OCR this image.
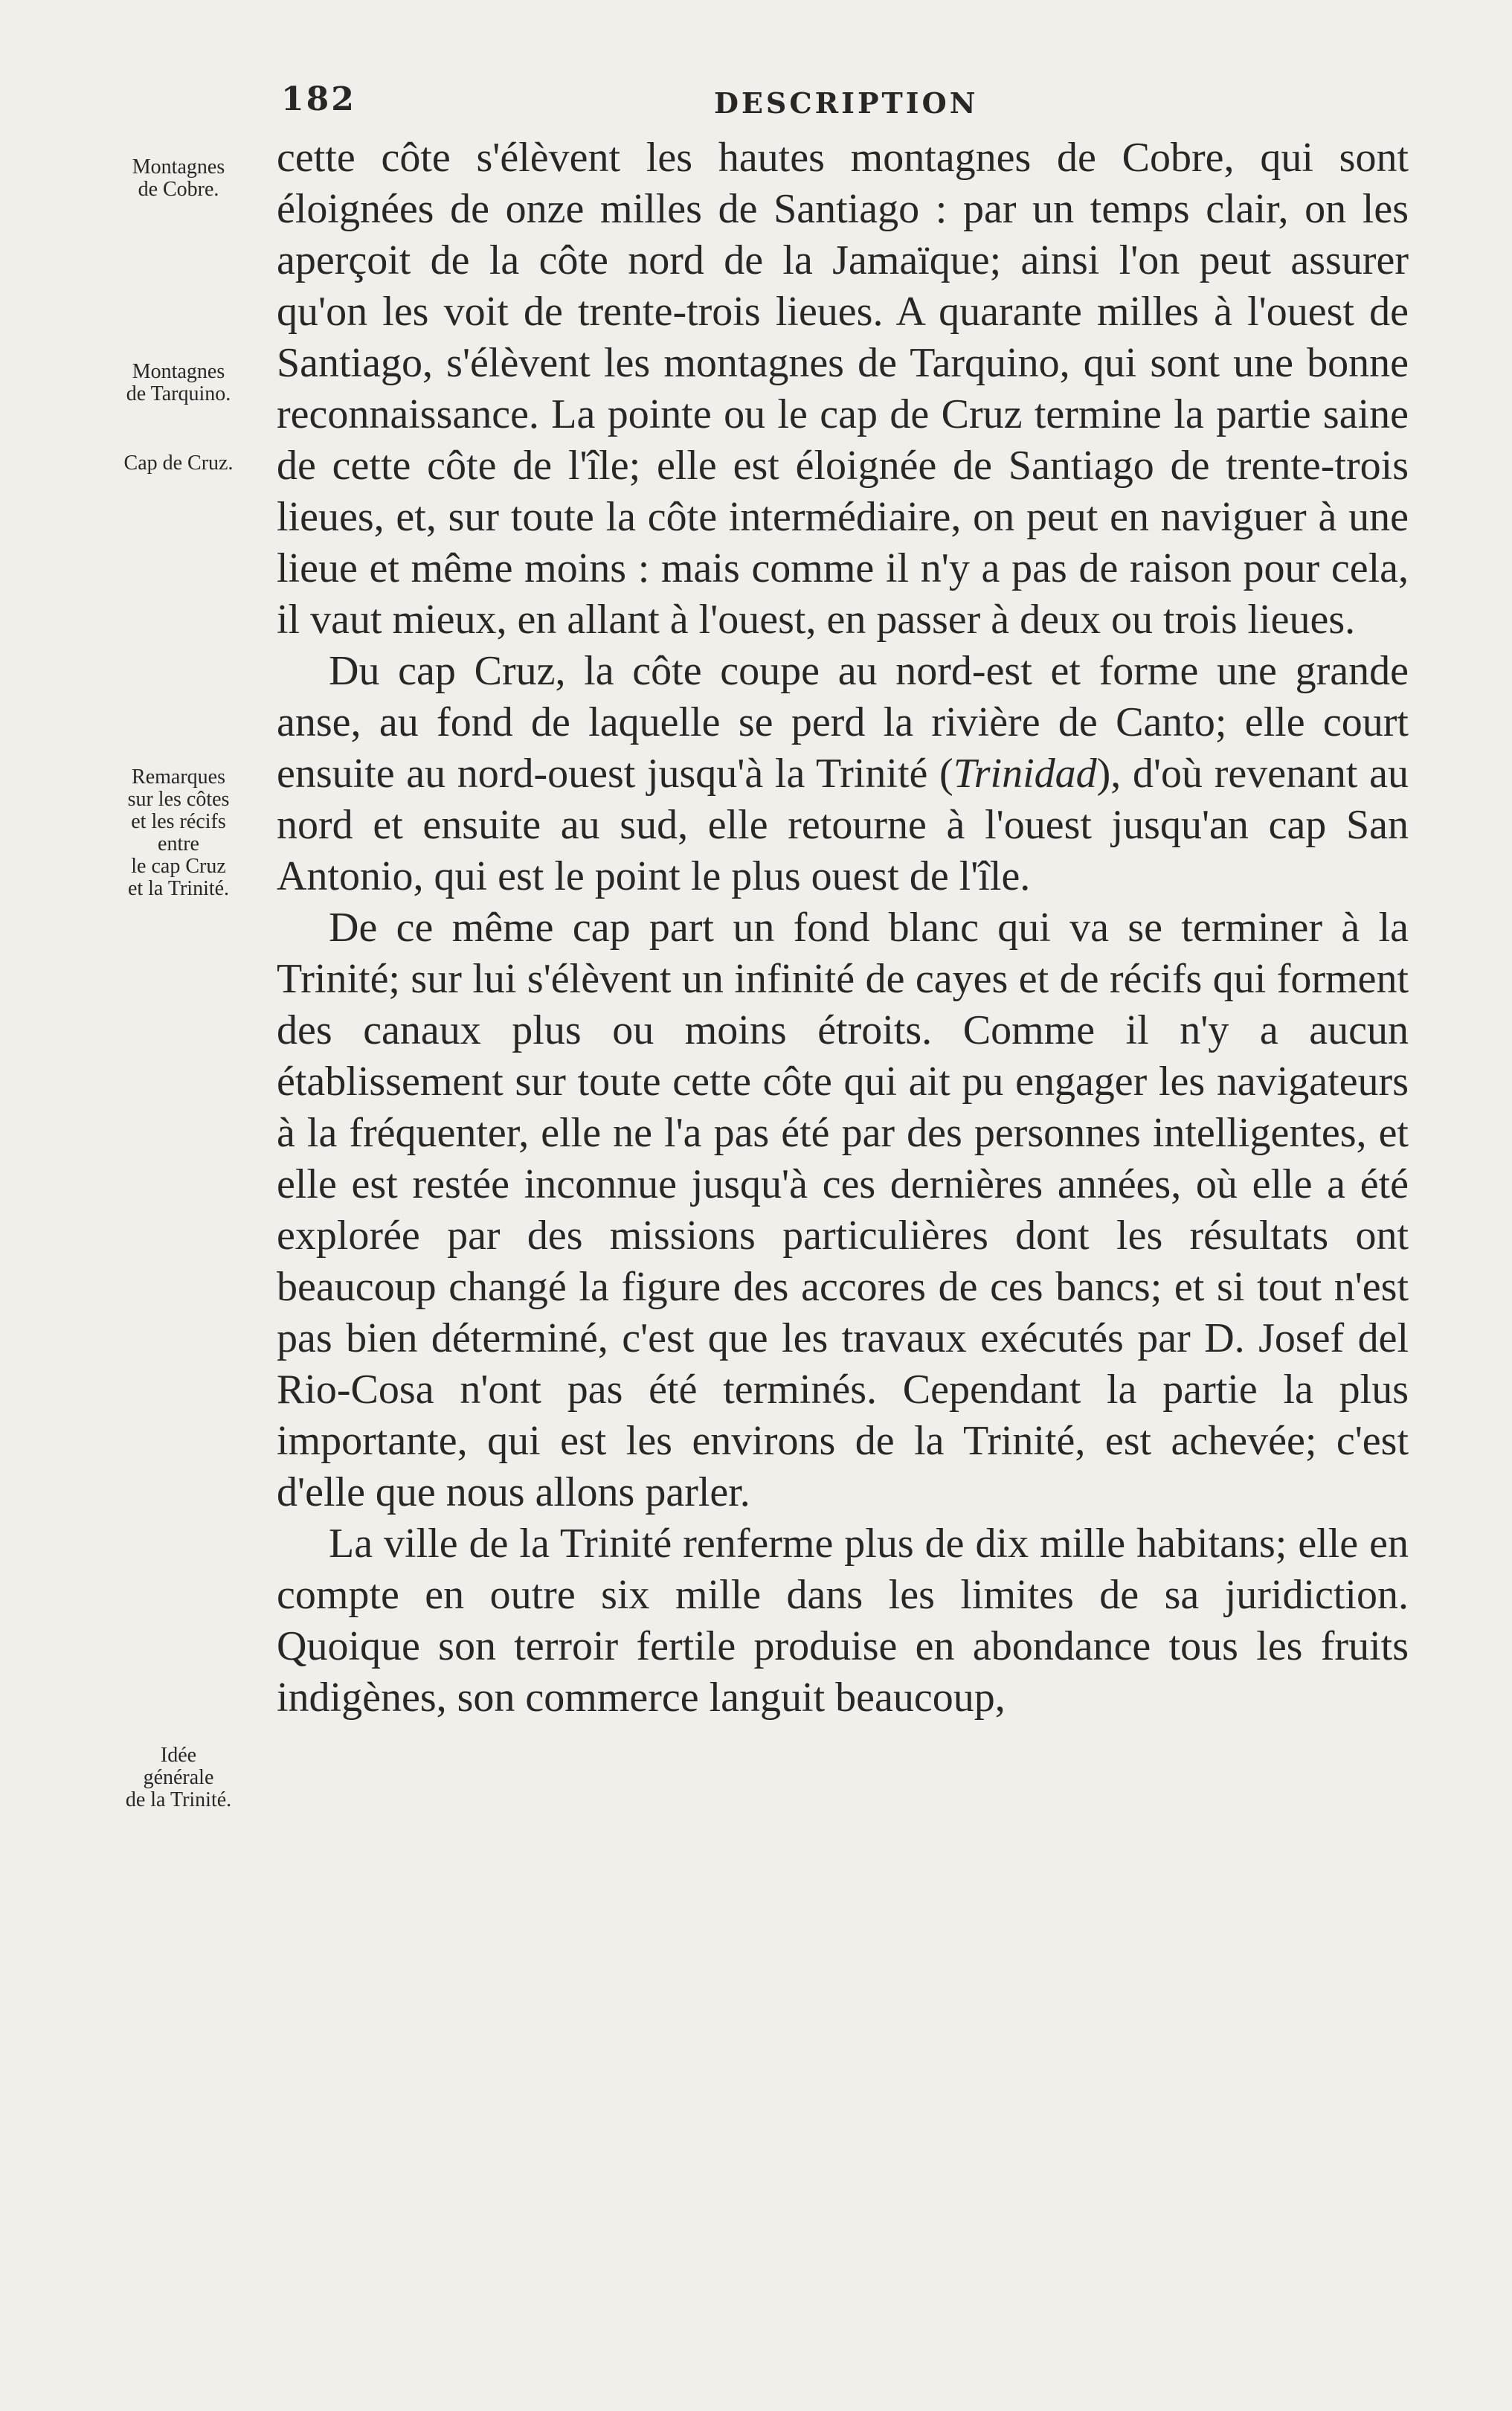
182	DESCRIPTION
Montagnes
de Cobre.
Montagnes
de Tarquino.
Cap de Cruz.
Remarques
sur les côtes
et les récifs
entre
le cap Cruz
et la Trinité.
Idée
générale
de la Trinité.

cette côte s'élèvent les hautes montagnes de Cobre, qui sont éloignées de onze milles de Santiago : par un temps clair, on les aperçoit de la côte nord de la Jamaïque; ainsi l'on peut assurer qu'on les voit de trente-trois lieues. A quarante milles à l'ouest de Santiago, s'élèvent les montagnes de Tarquino, qui sont une bonne reconnaissance. La pointe ou le cap de Cruz termine la partie saine de cette côte de l'île; elle est éloignée de Santiago de trente-trois lieues, et, sur toute la côte intermédiaire, on peut en naviguer à une lieue et même moins : mais comme il n'y a pas de raison pour cela, il vaut mieux, en allant à l'ouest, en passer à deux ou trois lieues.

Du cap Cruz, la côte coupe au nord-est et forme une grande anse, au fond de laquelle se perd la rivière de Canto; elle court ensuite au nord-ouest jusqu'à la Trinité (Trinidad), d'où revenant au nord et ensuite au sud, elle retourne à l'ouest jusqu'an cap San Antonio, qui est le point le plus ouest de l'île.

De ce même cap part un fond blanc qui va se terminer à la Trinité; sur lui s'élèvent un infinité de cayes et de récifs qui forment des canaux plus ou moins étroits. Comme il n'y a aucun établissement sur toute cette côte qui ait pu engager les navigateurs à la fréquenter, elle ne l'a pas été par des personnes intelligentes, et elle est restée inconnue jusqu'à ces dernières années, où elle a été explorée par des missions particulières dont les résultats ont beaucoup changé la figure des accores de ces bancs; et si tout n'est pas bien déterminé, c'est que les travaux exécutés par D. Josef del Rio-Cosa n'ont pas été terminés. Cependant la partie la plus importante, qui est les environs de la Trinité, est achevée; c'est d'elle que nous allons parler.

La ville de la Trinité renferme plus de dix mille habitans; elle en compte en outre six mille dans les limites de sa juridiction. Quoique son terroir fertile produise en abondance tous les fruits indigènes, son commerce languit beaucoup,
